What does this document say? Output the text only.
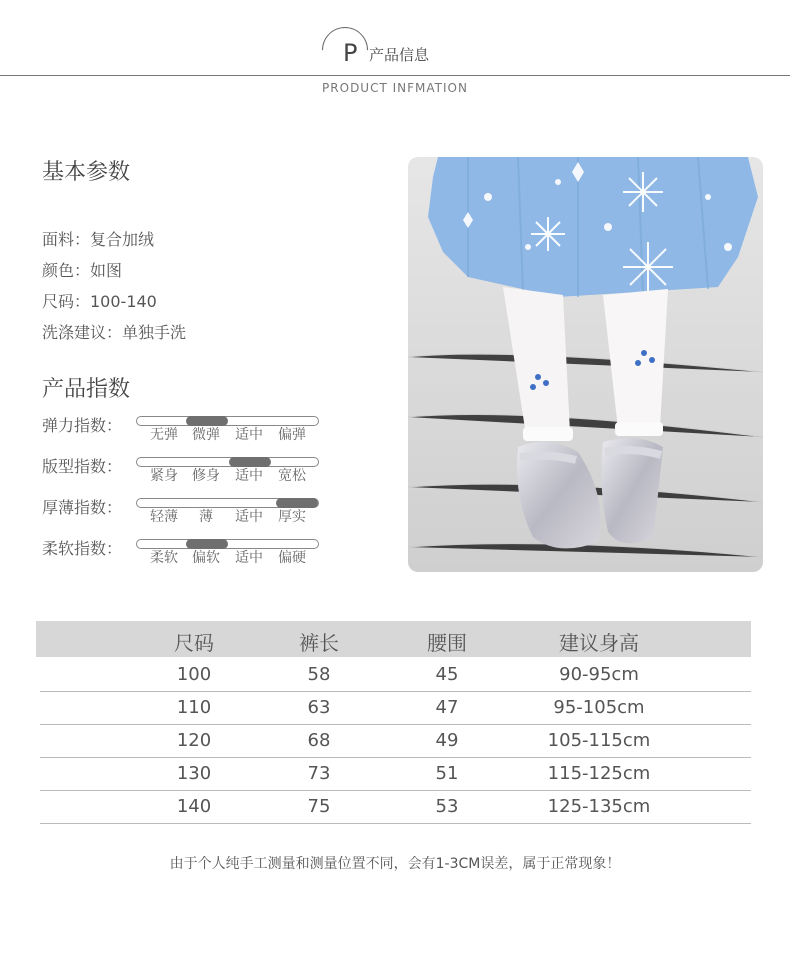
P 产品信息
PRODUCT INFMATION
基本参数
面料：复合加绒
颜色：如图
尺码：100-140
洗涤建议：单独手洗
产品指数
弹力指数： 无弹 微弹 适中 偏弹
版型指数： 紧身 修身 适中 宽松
厚薄指数： 轻薄 薄 适中 厚实
柔软指数： 柔软 偏软 适中 偏硬
尺码	裤长	腰围	建议身高
100	58	45	90-95cm
110	63	47	95-105cm
120	68	49	105-115cm
130	73	51	115-125cm
140	75	53	125-135cm
由于个人纯手工测量和测量位置不同，会有1-3CM误差，属于正常现象！
